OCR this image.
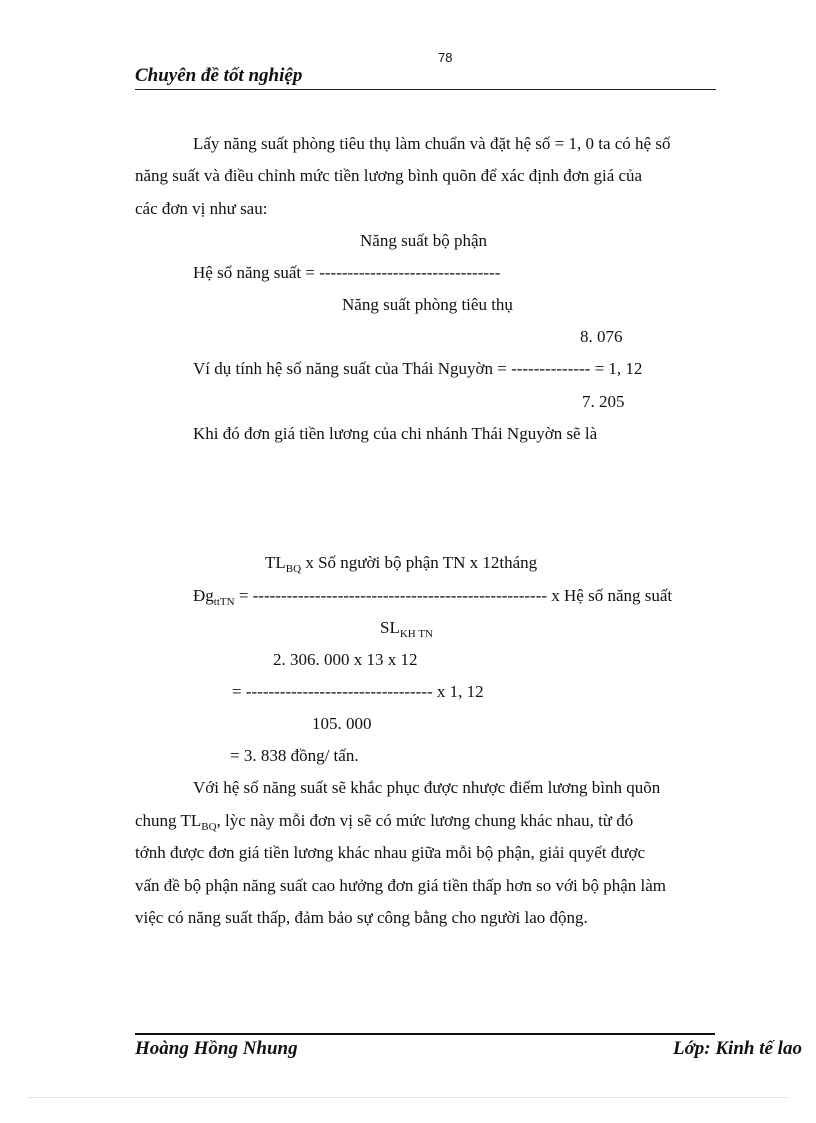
78
Chuyên đề tốt nghiệp
Lấy năng suất phòng tiêu thụ làm chuẩn và đặt hệ số = 1, 0 ta có hệ số
năng suất và điều chỉnh mức tiền lương bình quõn để xác định đơn giá của
các đơn vị như sau:
Năng suất bộ phận
Hệ số năng suất = --------------------------------
Năng suất phòng tiêu thụ
8. 076
Ví dụ tính hệ số năng suất của Thái Nguyờn = -------------- = 1, 12
7. 205
Khi đó đơn giá tiền lương của chi nhánh Thái Nguyờn sẽ là
$TL_{BQ}$ x Số người bộ phận TN x 12tháng
$Đg_{ttTN}$ = ---------------------------------------------------- x Hệ số năng suất
$SL_{KH TN}$
2. 306. 000 x 13 x 12
= --------------------------------- x 1, 12
105. 000
= 3. 838 đồng/ tấn.
Với hệ số năng suất sẽ khắc phục được nhược điểm lương bình quõn
chung $TL_{BQ}$, lỳc này mỗi đơn vị sẽ có mức lương chung khác nhau, từ đó
tớnh được đơn giá tiền lương khác nhau giữa mỗi bộ phận, giải quyết được
vấn đề bộ phận năng suất cao hưởng đơn giá tiền thấp hơn so với bộ phận làm
việc có năng suất thấp, đảm bảo sự công bằng cho người lao động.
Hoàng Hồng Nhung	Lớp: Kinh tế lao
